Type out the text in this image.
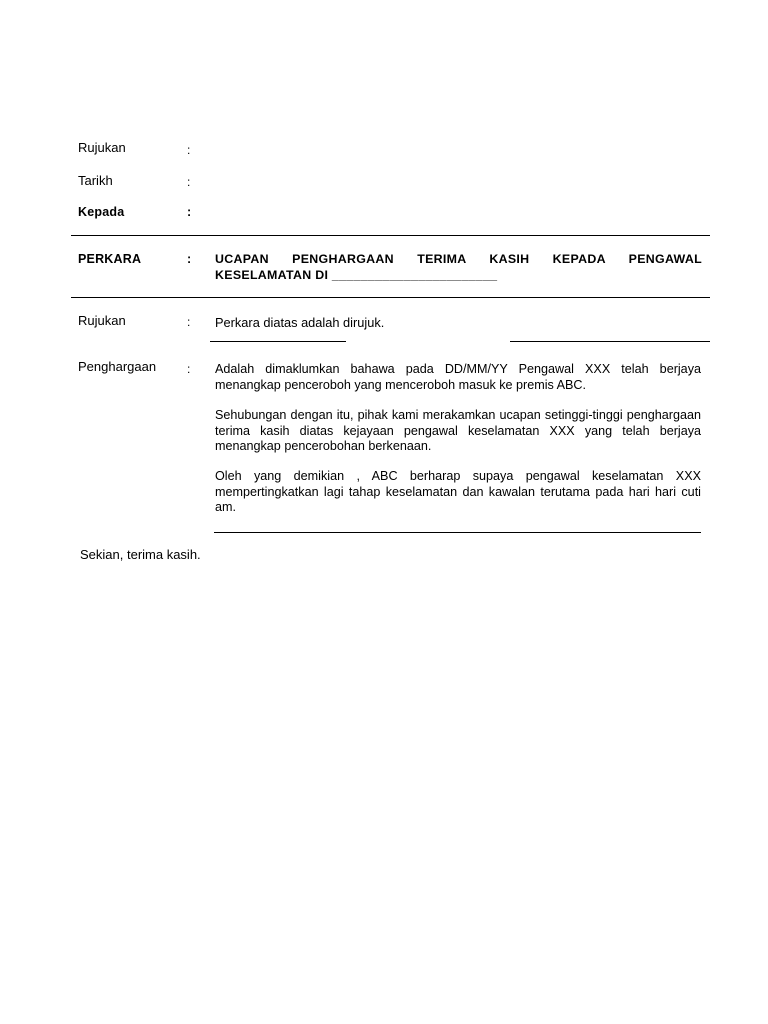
Rujukan	:
Tarikh	:
Kepada	:
PERKARA	: UCAPAN PENGHARGAAN TERIMA KASIH KEPADA PENGAWAL
KESELAMATAN DI _______________________
Rujukan	: Perkara diatas adalah dirujuk.
Penghargaan	: Adalah dimaklumkan bahawa pada DD/MM/YY Pengawal XXX telah berjaya menangkap penceroboh yang menceroboh masuk ke premis ABC.
Sehubungan dengan itu, pihak kami merakamkan ucapan setinggi-tinggi penghargaan terima kasih diatas kejayaan pengawal keselamatan XXX yang telah berjaya menangkap pencerobohan berkenaan.
Oleh yang demikian , ABC berharap supaya pengawal keselamatan XXX mempertingkatkan lagi tahap keselamatan dan kawalan terutama pada hari hari cuti am.
Sekian, terima kasih.
